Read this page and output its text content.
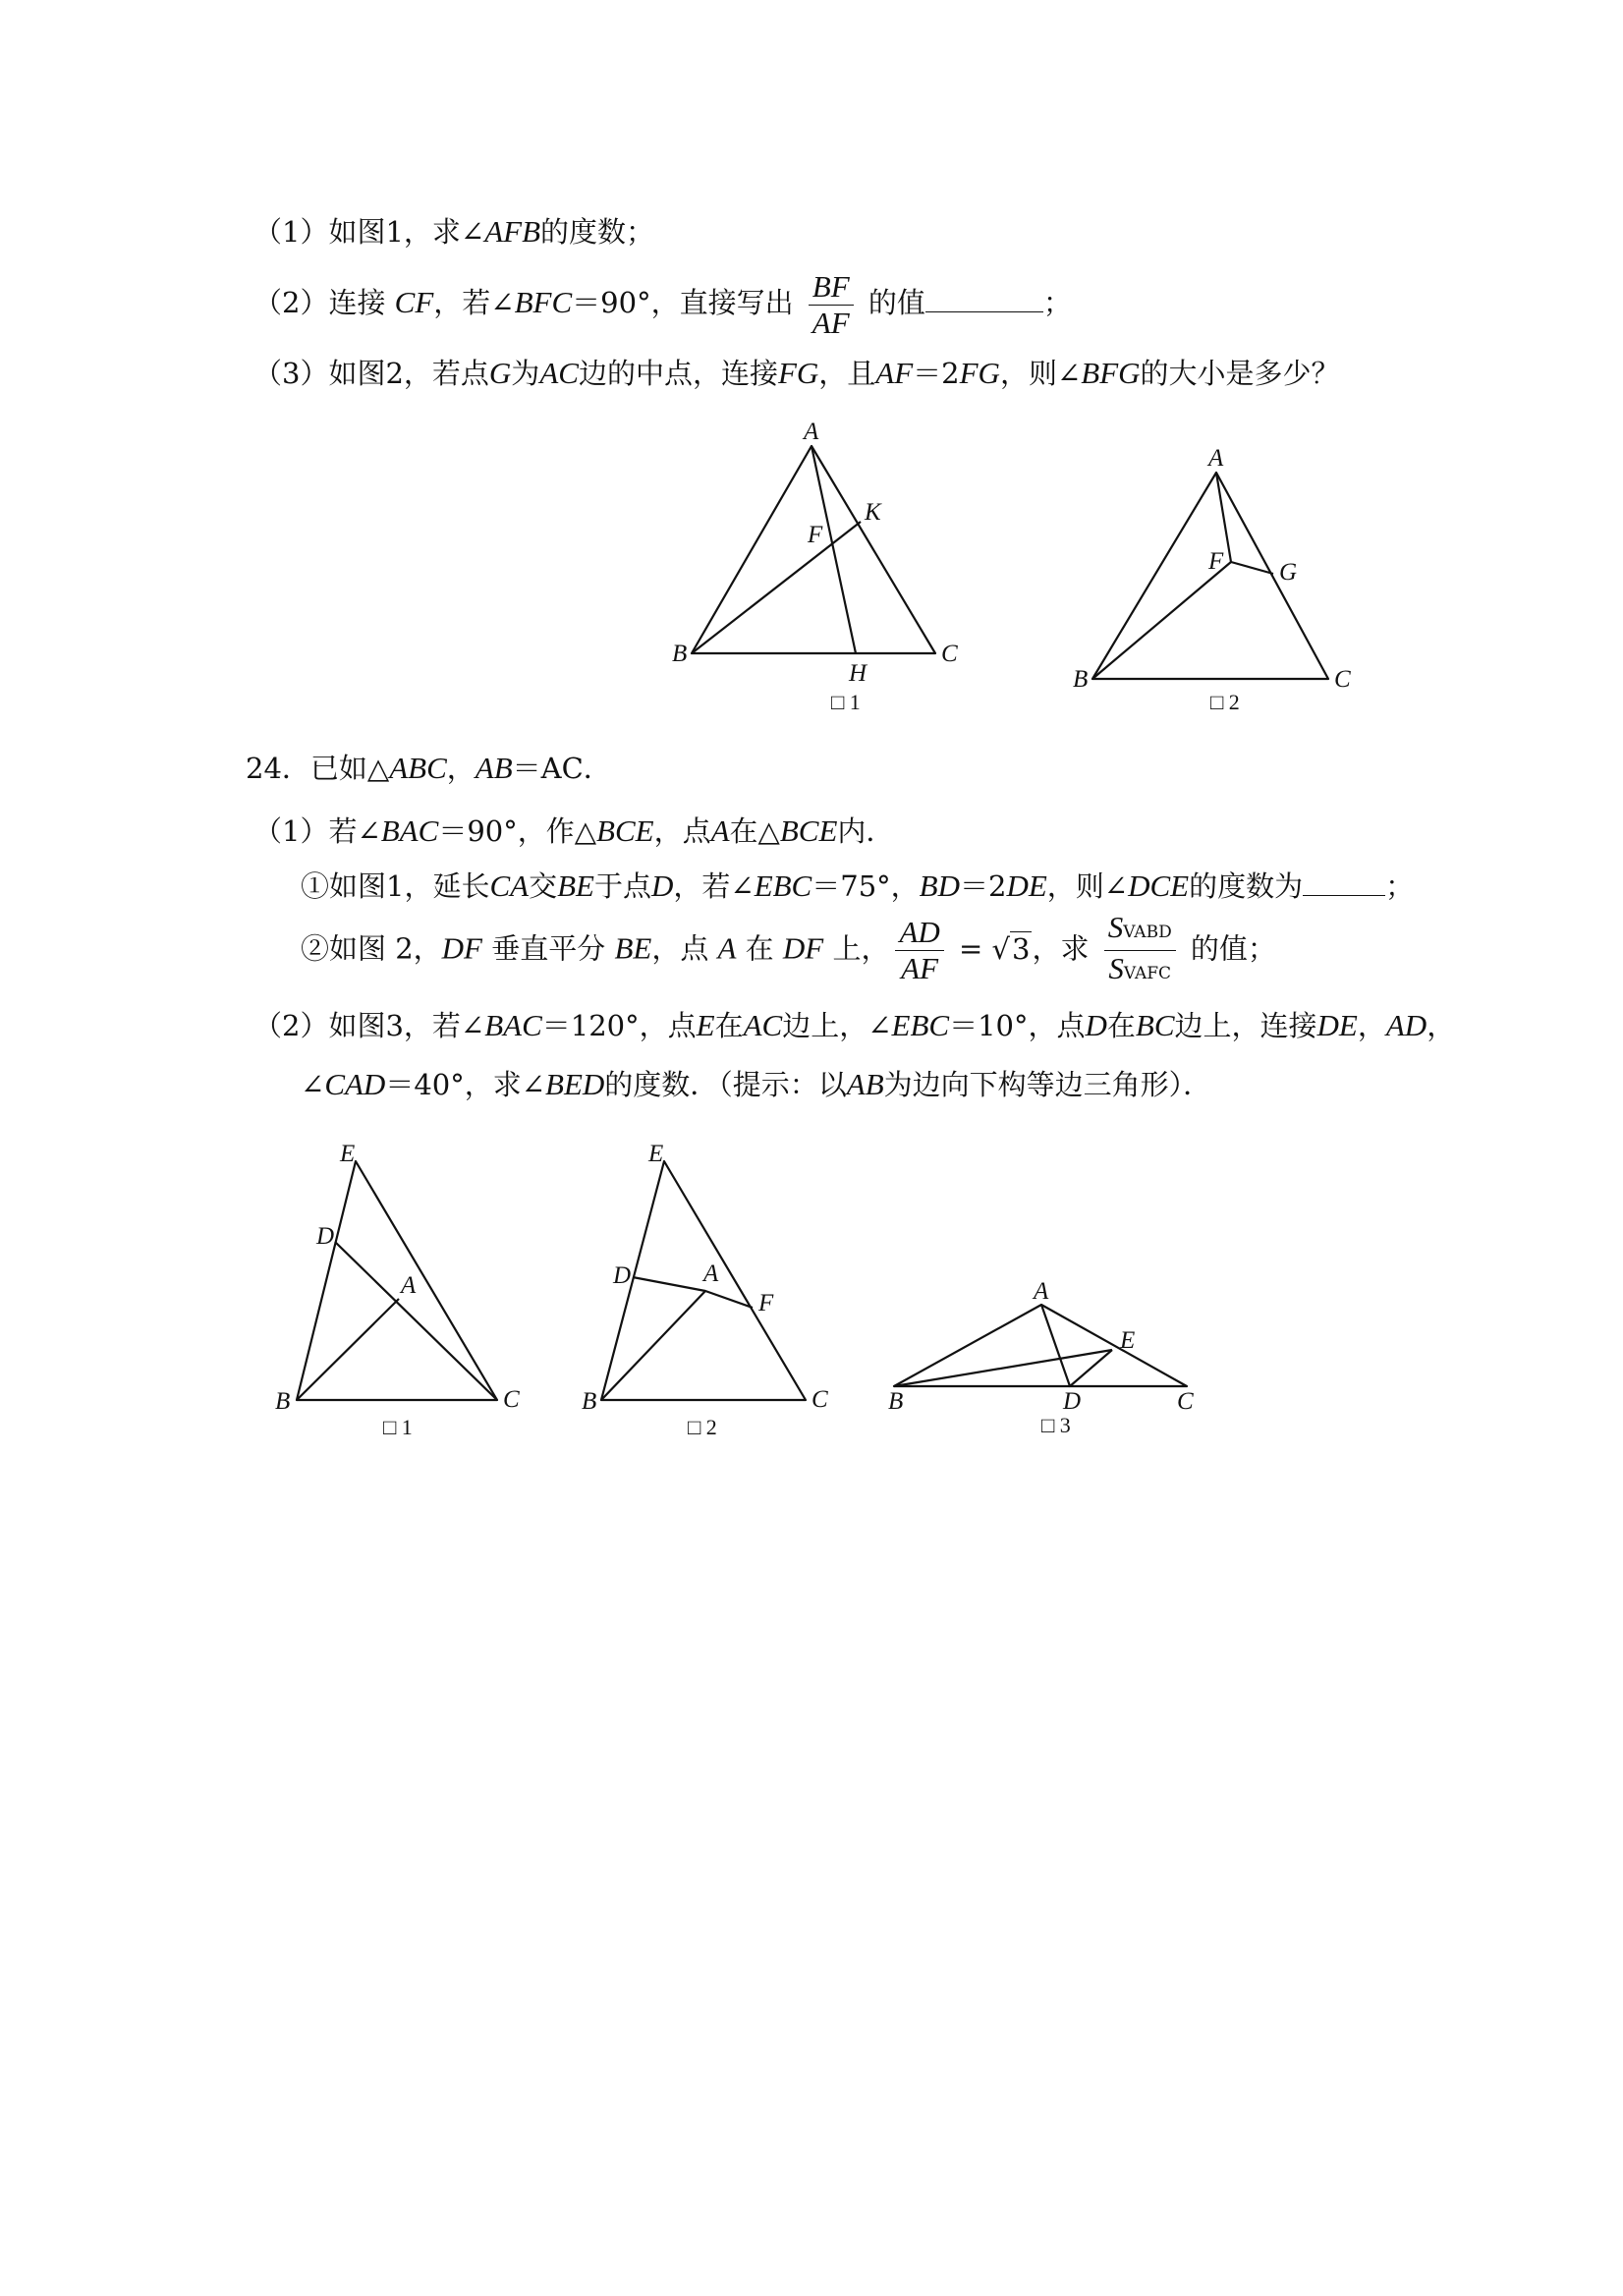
（1）如图1，求∠AFB的度数；
（2）连接 CF，若∠BFC＝90°，直接写出 $\frac{BF}{AF}$ 的值	；
（3）如图2，若点G为AC边的中点，连接FG，且AF＝2FG，则∠BFG的大小是多少？
A
B	C
F
K
H
□ 1
A
B	C
F G
□ 2
24．已如△ABC，AB＝AC．
（1）若∠BAC＝90°，作△BCE，点A在△BCE内．
①如图1，延长CA交BE于点D，若∠EBC＝75°，BD＝2DE，则∠DCE的度数为	；
②如图 2，DF 垂直平分 BE，点 A 在 DF 上， $\frac{AD}{AF} = √3$，求 $\frac{\text{SVABD}}{\text{SVAFC}}$ 的值；
（2）如图3，若∠BAC＝120°，点E在AC边上，∠EBC＝10°，点D在BC边上，连接DE，AD，
∠CAD＝40°，求∠BED的度数．（提示：以AB为边向下构等边三角形）．
E
D
A
B	C
□ 1
E
D	A
F
B	C
□ 2
A
E
B	D	C
□ 3
